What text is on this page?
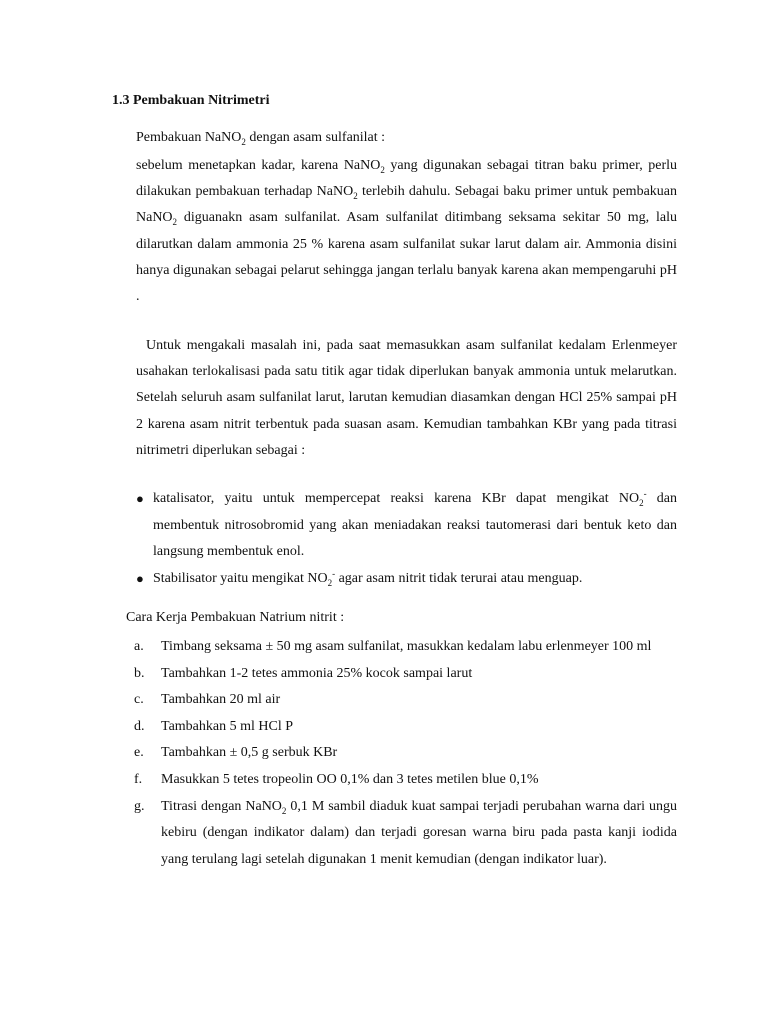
1.3 Pembakuan Nitrimetri
Pembakuan NaNO$_2$ dengan asam sulfanilat :

sebelum menetapkan kadar, karena NaNO$_2$ yang digunakan sebagai titran baku primer, perlu dilakukan pembakuan terhadap NaNO$_2$ terlebih dahulu. Sebagai baku primer untuk pembakuan NaNO$_2$ diguanakn asam sulfanilat. Asam sulfanilat ditimbang seksama sekitar 50 mg, lalu dilarutkan dalam ammonia 25 % karena asam sulfanilat sukar larut dalam air. Ammonia disini hanya digunakan sebagai pelarut sehingga jangan terlalu banyak karena akan mempengaruhi pH .

Untuk mengakali masalah ini, pada saat memasukkan asam sulfanilat kedalam Erlenmeyer usahakan terlokalisasi pada satu titik agar tidak diperlukan banyak ammonia untuk melarutkan. Setelah seluruh asam sulfanilat larut, larutan kemudian diasamkan dengan HCl 25% sampai pH 2 karena asam nitrit terbentuk pada suasan asam. Kemudian tambahkan KBr yang pada titrasi nitrimetri diperlukan sebagai :

● katalisator, yaitu untuk mempercepat reaksi karena KBr dapat mengikat $NO_2^-$ dan membentuk nitrosobromid yang akan meniadakan reaksi tautomerasi dari bentuk keto dan langsung membentuk enol.
● Stabilisator yaitu mengikat $NO_2^-$ agar asam nitrit tidak terurai atau menguap.
Cara Kerja Pembakuan Natrium nitrit :
a. Timbang seksama ± 50 mg asam sulfanilat, masukkan kedalam labu erlenmeyer 100 ml
b. Tambahkan 1-2 tetes ammonia 25% kocok sampai larut
c. Tambahkan 20 ml air
d. Tambahkan 5 ml HCl P
e. Tambahkan ± 0,5 g serbuk KBr
f. Masukkan 5 tetes tropeolin OO 0,1% dan 3 tetes metilen blue 0,1%
g. Titrasi dengan NaNO$_2$ 0,1 M sambil diaduk kuat sampai terjadi perubahan warna dari ungu kebiru (dengan indikator dalam) dan terjadi goresan warna biru pada pasta kanji iodida yang terulang lagi setelah digunakan 1 menit kemudian (dengan indikator luar).
